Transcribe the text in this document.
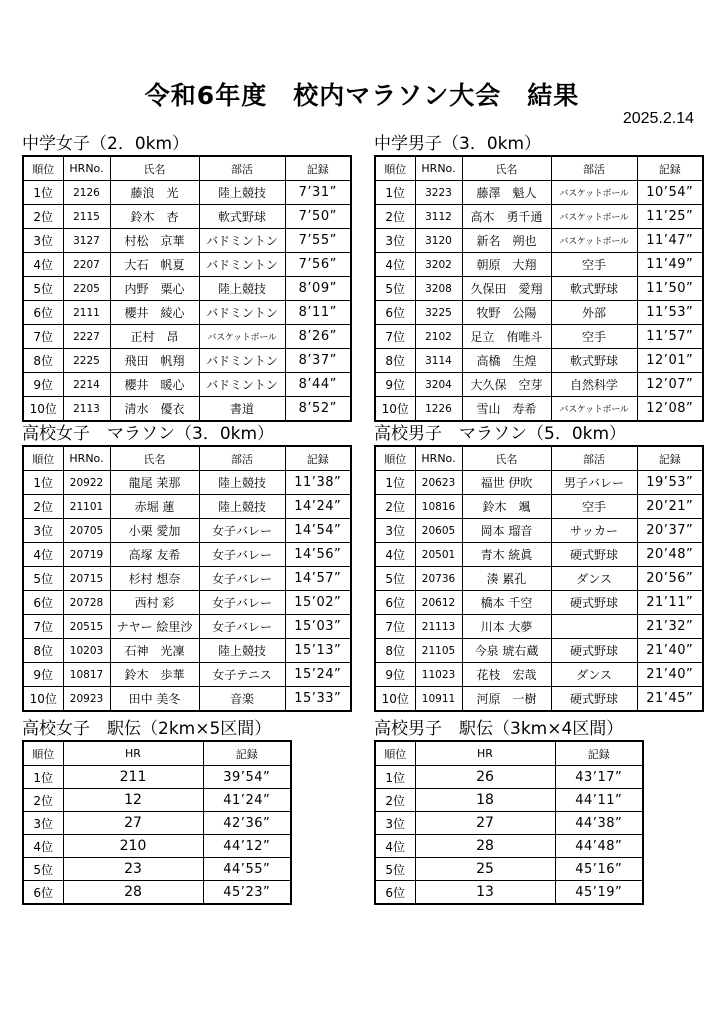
令和6年度　校内マラソン大会　結果
2025.2.14
中学女子（2．0km）
順位	HRNo.	氏名	部活	記録
1位	2126	藤浪　光	陸上競技	7’31”
2位	2115	鈴木　杏	軟式野球	7’50”
3位	3127	村松　京華	バドミントン	7’55”
4位	2207	大石　帆夏	バドミントン	7’56”
5位	2205	内野　粟心	陸上競技	8’09”
6位	2111	櫻井　綾心	バドミントン	8’11”
7位	2227	正村　昂	バスケットボール	8’26”
8位	2225	飛田　帆翔	バドミントン	8’37”
9位	2214	櫻井　暖心	バドミントン	8’44”
10位	2113	清水　優衣	書道	8’52”
中学男子（3．0km）
順位	HRNo.	氏名	部活	記録
1位	3223	藤澤　魁人	バスケットボール	10’54”
2位	3112	高木　勇千通	バスケットボール	11’25”
3位	3120	新名　朔也	バスケットボール	11’47”
4位	3202	朝原　大翔	空手	11’49”
5位	3208	久保田　愛翔	軟式野球	11’50”
6位	3225	牧野　公陽	外部	11’53”
7位	2102	足立　侑唯斗	空手	11’57”
8位	3114	高橋　生煌	軟式野球	12’01”
9位	3204	大久保　空芽	自然科学	12’07”
10位	1226	雪山　寿希	バスケットボール	12’08”
高校女子　マラソン（3．0km）
順位	HRNo.	氏名	部活	記録
1位	20922	龍尾 茉那	陸上競技	11’38”
2位	21101	赤堀 蓮	陸上競技	14’24”
3位	20705	小栗 愛加	女子バレー	14’54”
4位	20719	高塚 友希	女子バレー	14’56”
5位	20715	杉村 想奈	女子バレー	14’57”
6位	20728	西村 彩	女子バレー	15’02”
7位	20515	ナヤー 絵里沙	女子バレー	15’03”
8位	10203	石神　光凜	陸上競技	15’13”
9位	10817	鈴木　歩華	女子テニス	15’24”
10位	20923	田中 美冬	音楽	15’33”
高校男子　マラソン（5．0km）
順位	HRNo.	氏名	部活	記録
1位	20623	福世 伊吹	男子バレー	19’53”
2位	10816	鈴木　颯	空手	20’21”
3位	20605	岡本 瑠音	サッカー	20’37”
4位	20501	青木 統眞	硬式野球	20’48”
5位	20736	湊 累孔	ダンス	20’56”
6位	20612	橋本 千空	硬式野球	21’11”
7位	21113	川本 大夢		21’32”
8位	21105	今泉 琥右蔵	硬式野球	21’40”
9位	11023	花枝　宏哉	ダンス	21’40”
10位	10911	河原　一樹	硬式野球	21’45”
高校女子　駅伝（2km×5区間）
順位	HR	記録
1位	211	39’54”
2位	12	41’24”
3位	27	42’36”
4位	210	44’12”
5位	23	44’55”
6位	28	45’23”
高校男子　駅伝（3km×4区間）
順位	HR	記録
1位	26	43’17”
2位	18	44’11”
3位	27	44’38”
4位	28	44’48”
5位	25	45’16”
6位	13	45’19”
